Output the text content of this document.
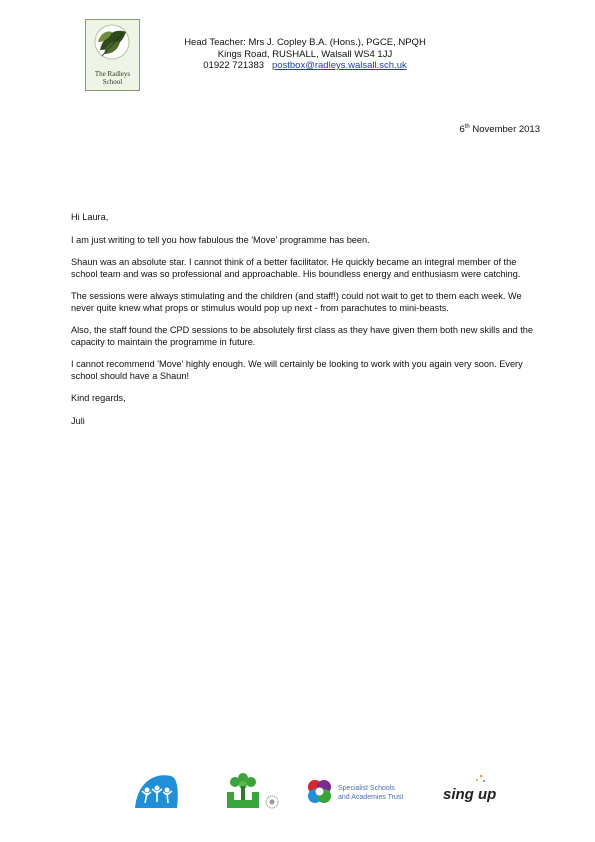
The Radleys
School
Head Teacher: Mrs J. Copley B.A. (Hons.), PGCE, NPQH
Kings Road, RUSHALL, Walsall WS4 1JJ
01922 721383 postbox@radleys.walsall.sch.uk
6th November 2013

Hi Laura,

I am just writing to tell you how fabulous the 'Move' programme has been.

Shaun was an absolute star. I cannot think of a better facilitator. He quickly became an integral member of the school team and was so professional and approachable. His boundless energy and enthusiasm were catching.

The sessions were always stimulating and the children (and staff!) could not wait to get to them each week. We never quite knew what props or stimulus would pop up next - from parachutes to mini-beasts.

Also, the staff found the CPD sessions to be absolutely first class as they have given them both new skills and the capacity to maintain the programme in future.

I cannot recommend 'Move' highly enough. We will certainly be looking to work with you again very soon. Every school should have a Shaun!

Kind regards,

Juli

Specialist Schools
and Academies Trust	sing up
